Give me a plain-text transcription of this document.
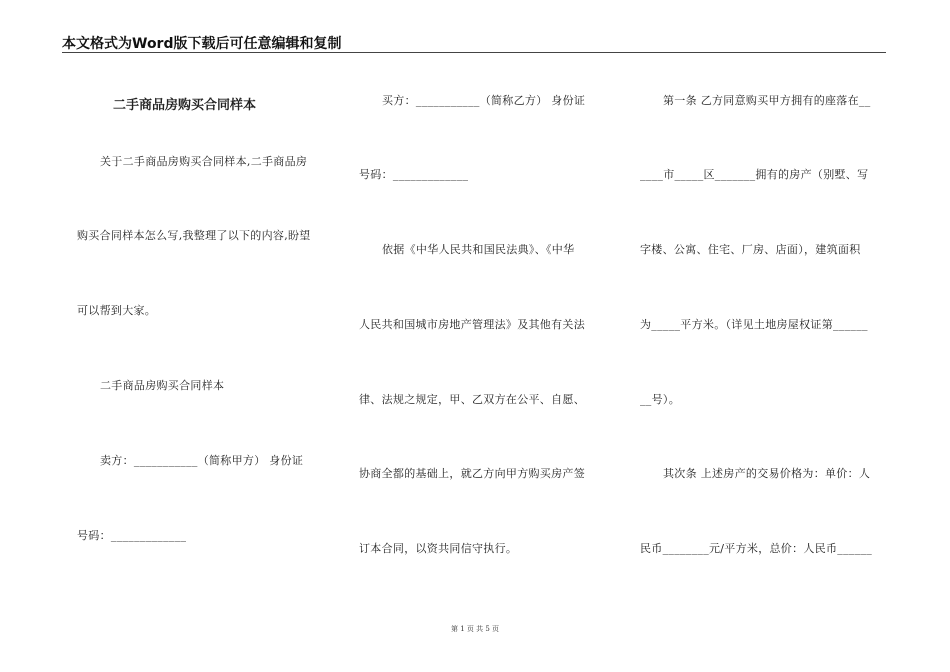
本文格式为Word版下载后可任意编辑和复制
二手商品房购买合同样本
关于二手商品房购买合同样本,二手商品房
购买合同样本怎么写,我整理了以下的内容,盼望
可以帮到大家。
二手商品房购买合同样本
卖方：___________（简称甲方） 身份证
号码：_____________
买方：___________（简称乙方） 身份证
号码：_____________
依据《中华人民共和国民法典》、《中华
人民共和国城市房地产管理法》及其他有关法
律、法规之规定，甲、乙双方在公平、自愿、
协商全都的基础上，就乙方向甲方购买房产签
订本合同，以资共同信守执行。
第一条 乙方同意购买甲方拥有的座落在__
____市_____区_______拥有的房产（别墅、写
字楼、公寓、住宅、厂房、店面），建筑面积
为_____平方米。（详见土地房屋权证第______
__号）。
其次条 上述房产的交易价格为：单价：人
民币________元/平方米，总价：人民币______
第 1 页 共 5 页
